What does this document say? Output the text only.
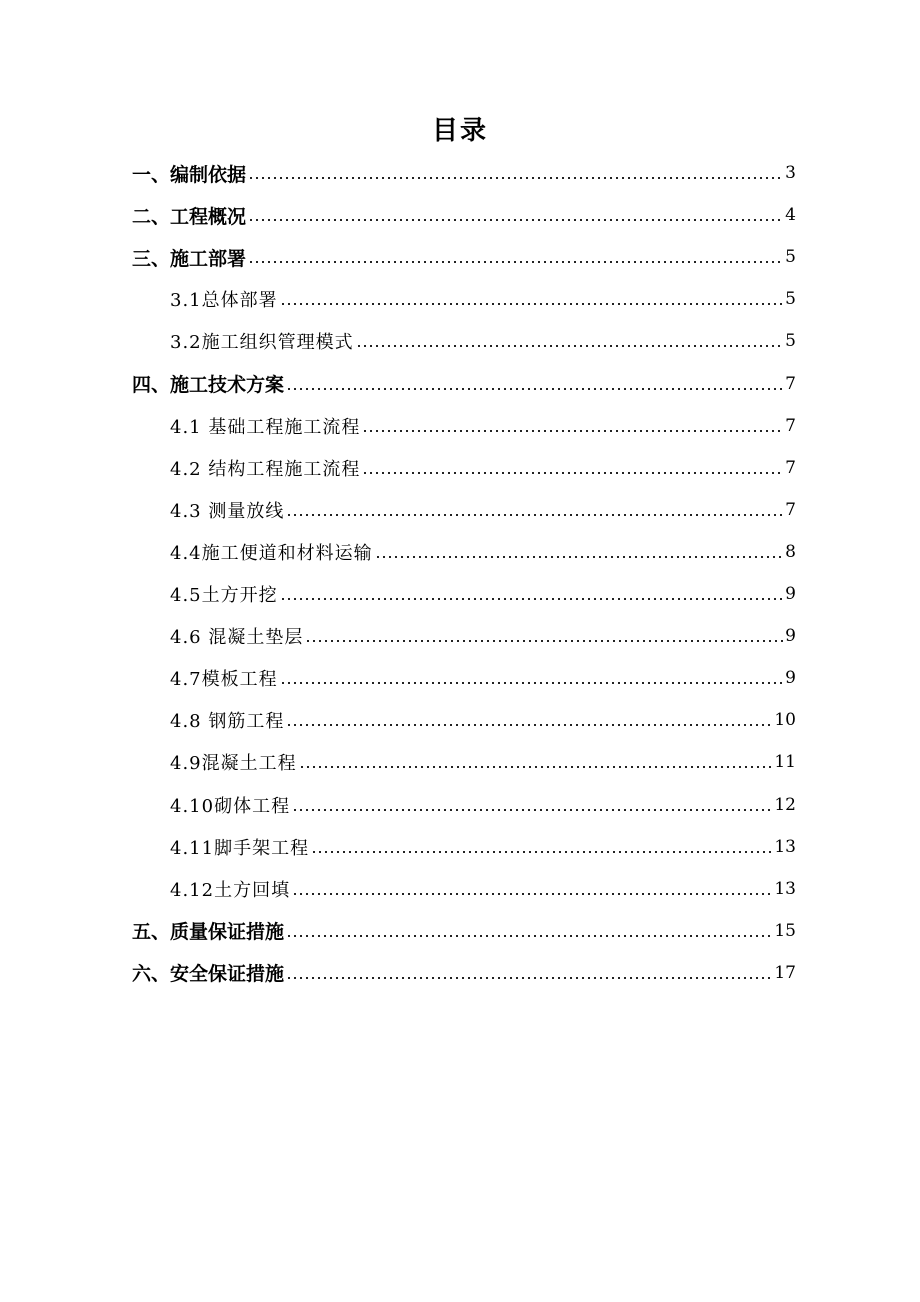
目录
一、编制依据	3
二、工程概况	4
三、施工部署	5
3.1总体部署	5
3.2施工组织管理模式	5
四、施工技术方案	7
4.1 基础工程施工流程	7
4.2 结构工程施工流程	7
4.3 测量放线	7
4.4施工便道和材料运输	8
4.5土方开挖	9
4.6 混凝土垫层	9
4.7模板工程	9
4.8 钢筋工程	10
4.9混凝土工程	11
4.10砌体工程	12
4.11脚手架工程	13
4.12土方回填	13
五、质量保证措施	15
六、安全保证措施	17
